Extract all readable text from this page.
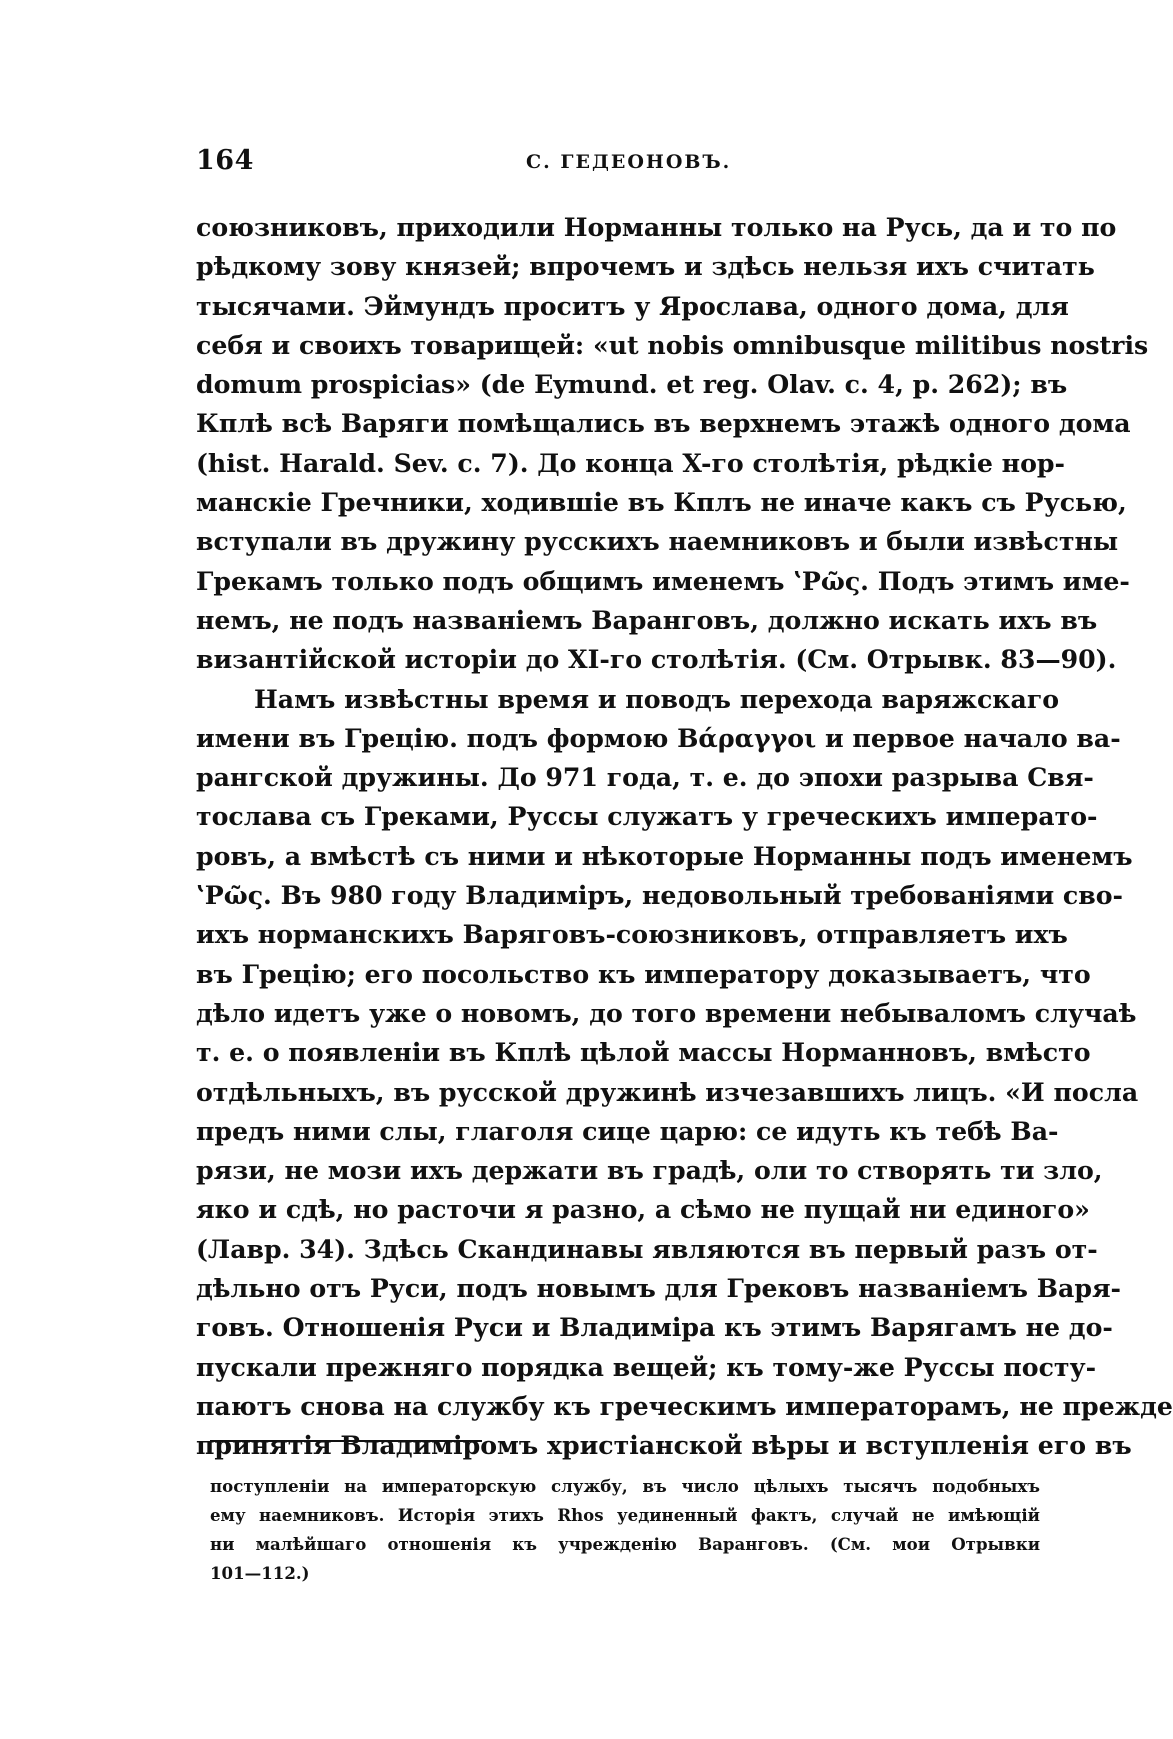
164	С. ГЕДЕОНОВЪ.
союзниковъ, приходили Норманны только на Русь, да и то по
рѣдкому зову князей; впрочемъ и здѣсь нельзя ихъ считать
тысячами. Эймундъ проситъ у Ярослава, одного дома, для
себя и своихъ товарищей: «ut nobis omnibusque militibus nostris
domum prospicias» (de Eymund. et reg. Olav. c. 4, p. 262); въ
Кплѣ всѣ Варяги помѣщались въ верхнемъ этажѣ одного дома
(hist. Harald. Sev. c. 7). До конца X-го столѣтія, рѣдкіе нор-
манскіе Гречники, ходившіе въ Кплъ не иначе какъ съ Русью,
вступали въ дружину русскихъ наемниковъ и были извѣстны
Грекамъ только подъ общимъ именемъ ʽΡῶς. Подъ этимъ име-
немъ, не подъ названіемъ Варанговъ, должно искать ихъ въ
византійской исторіи до XI-го столѣтія. (См. Отрывк. 83—90).
Намъ извѣстны время и поводъ перехода варяжскаго
имени въ Грецію. подъ формою Βάραγγοι и первое начало ва-
рангской дружины. До 971 года, т. е. до эпохи разрыва Свя-
тослава съ Греками, Руссы служатъ у греческихъ императо-
ровъ, а вмѣстѣ съ ними и нѣкоторые Норманны подъ именемъ
ʽΡῶς. Въ 980 году Владиміръ, недовольный требованіями сво-
ихъ норманскихъ Варяговъ-союзниковъ, отправляетъ ихъ
въ Грецію; его посольство къ императору доказываетъ, что
дѣло идетъ уже о новомъ, до того времени небываломъ случаѣ
т. е. о появленіи въ Кплѣ цѣлой массы Норманновъ, вмѣсто
отдѣльныхъ, въ русской дружинѣ изчезавшихъ лицъ. «И посла
предъ ними слы, глаголя сице царю: се идуть къ тебѣ Ва-
рязи, не мози ихъ держати въ градѣ, оли то створять ти зло,
яко и сдѣ, но расточи я разно, а сѣмо не пущай ни единого»
(Лавр. 34). Здѣсь Скандинавы являются въ первый разъ от-
дѣльно отъ Руси, подъ новымъ для Грековъ названіемъ Варя-
говъ. Отношенія Руси и Владиміра къ этимъ Варягамъ не до-
пускали прежняго порядка вещей; къ тому-же Руссы посту-
паютъ снова на службу къ греческимъ императорамъ, не прежде
принятія Владиміромъ христіанской вѣры и вступленія его въ
поступленіи на императорскую службу, въ число цѣлыхъ тысячъ подобныхъ
ему наемниковъ. Исторія этихъ Rhos уединенный фактъ, случай не имѣющій
ни малѣйшаго отношенія къ учрежденію Варанговъ. (См. мои Отрывки
101—112.)
